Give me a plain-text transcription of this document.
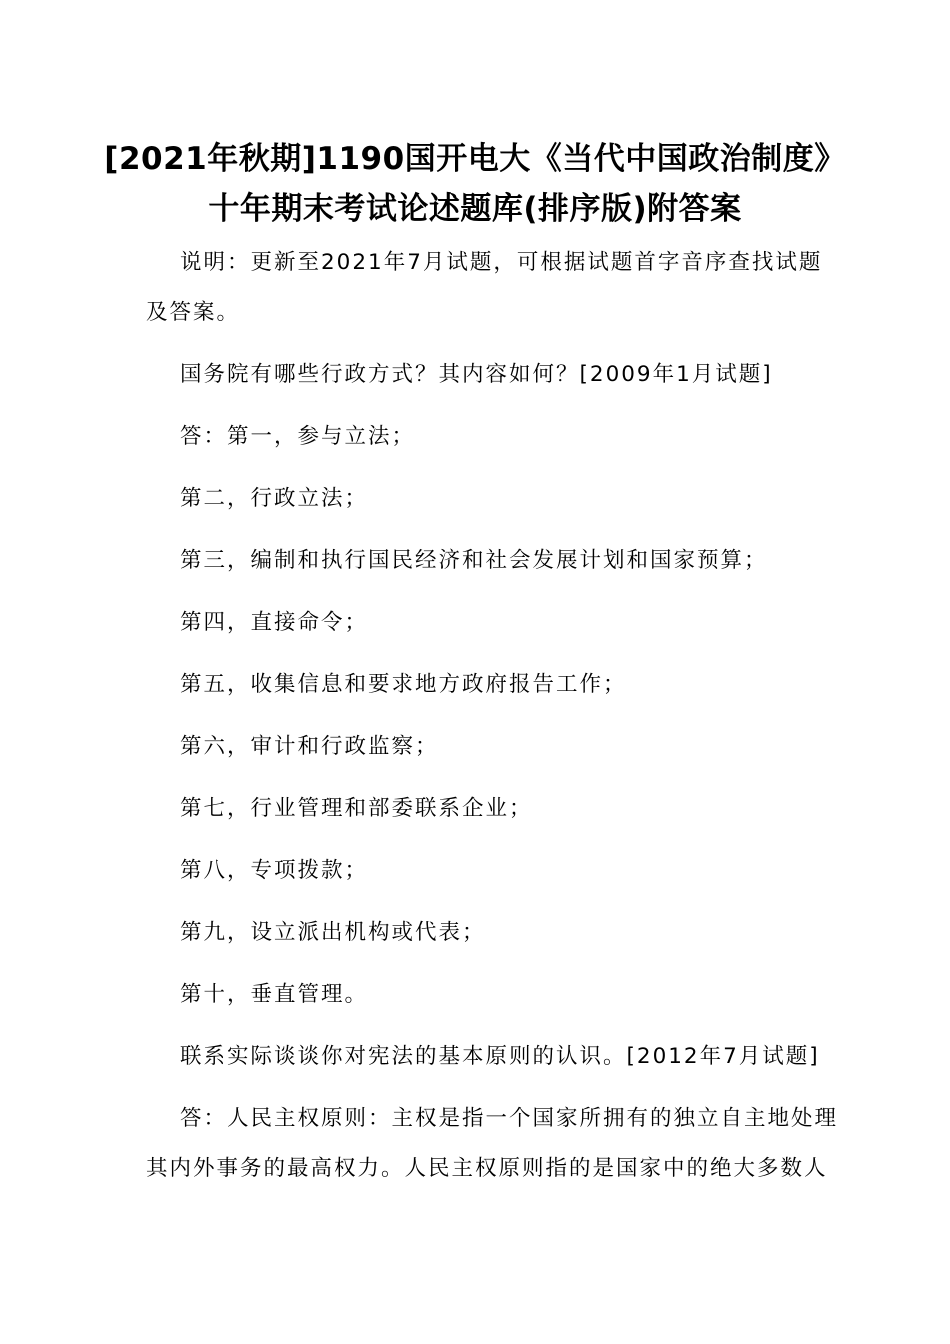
[2021年秋期]1190国开电大《当代中国政治制度》
十年期末考试论述题库(排序版)附答案
说明：更新至2021年7月试题，可根据试题首字音序查找试题
及答案。
国务院有哪些行政方式？其内容如何？[2009年1月试题]
答：第一，参与立法；
第二，行政立法；
第三，编制和执行国民经济和社会发展计划和国家预算；
第四，直接命令；
第五，收集信息和要求地方政府报告工作；
第六，审计和行政监察；
第七，行业管理和部委联系企业；
第八，专项拨款；
第九，设立派出机构或代表；
第十，垂直管理。
联系实际谈谈你对宪法的基本原则的认识。[2012年7月试题]
答：人民主权原则：主权是指一个国家所拥有的独立自主地处理
其内外事务的最高权力。人民主权原则指的是国家中的绝大多数人
